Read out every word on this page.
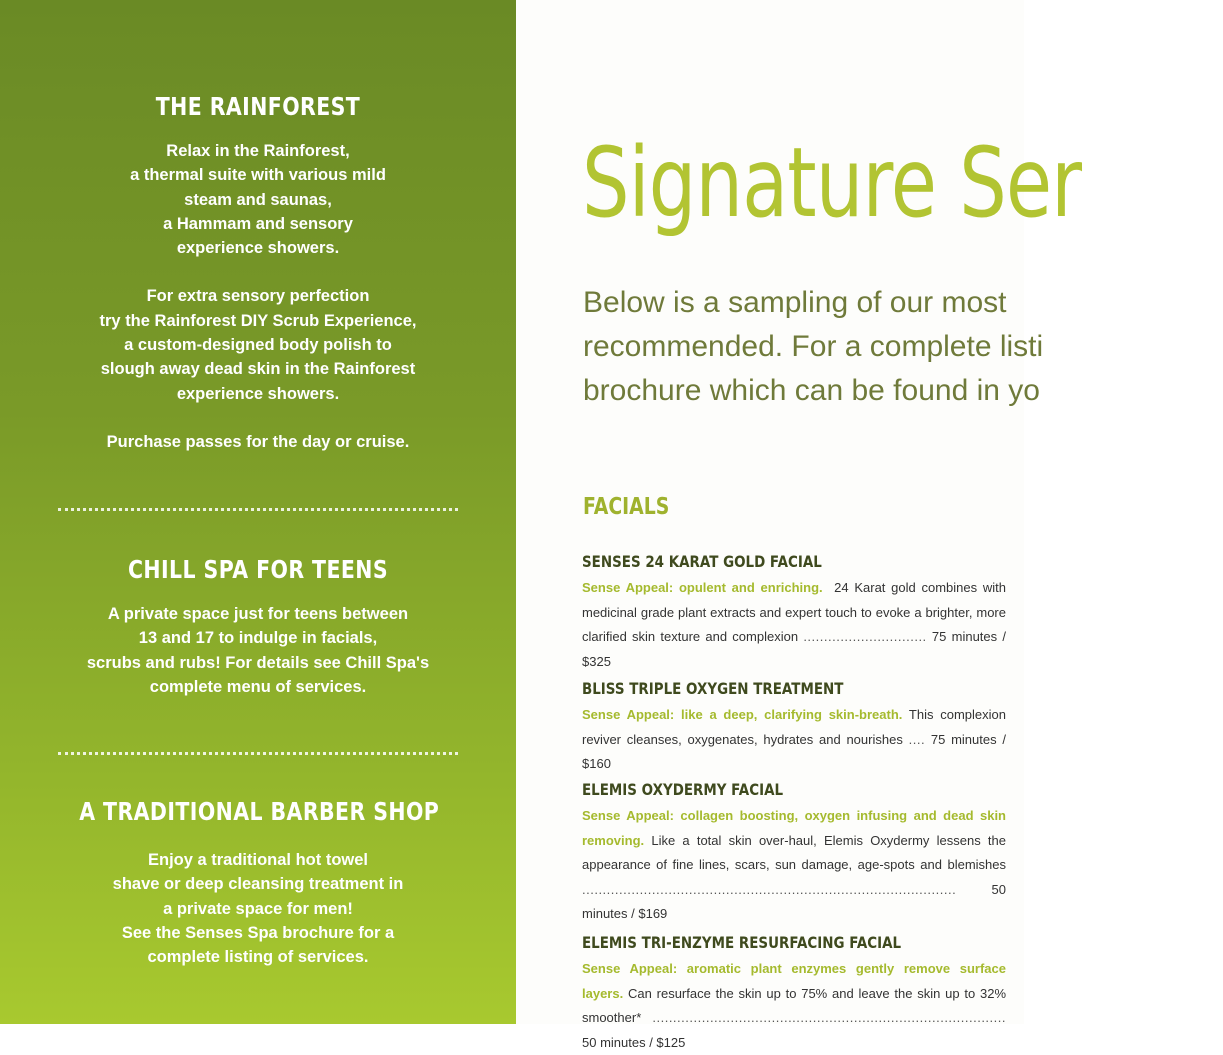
THE RAINFOREST

Relax in the Rainforest,
a thermal suite with various mild
steam and saunas,
a Hammam and sensory
experience showers.

For extra sensory perfection
try the Rainforest DIY Scrub Experience,
a custom-designed body polish to
slough away dead skin in the Rainforest
experience showers.

Purchase passes for the day or cruise.

CHILL SPA FOR TEENS

A private space just for teens between
13 and 17 to indulge in facials,
scrubs and rubs! For details see Chill Spa's
complete menu of services.

A TRADITIONAL BARBER SHOP

Enjoy a traditional hot towel
shave or deep cleansing treatment in
a private space for men!
See the Senses Spa brochure for a
complete listing of services.

Signature Ser

Below is a sampling of our most
recommended. For a complete listi
brochure which can be found in yo

FACIALS
SENSES 24 KARAT GOLD FACIAL

Sense Appeal: opulent and enriching. 24 Karat gold combines with medicinal grade plant extracts and expert touch to evoke a brighter, more clarified skin texture and complexion .............................. 75 minutes / $325

BLISS TRIPLE OXYGEN TREATMENT

Sense Appeal: like a deep, clarifying skin-breath. This complexion reviver cleanses, oxygenates, hydrates and nourishes .... 75 minutes / $160

ELEMIS OXYDERMY FACIAL

Sense Appeal: collagen boosting, oxygen infusing and dead skin removing. Like a total skin over-haul, Elemis Oxydermy lessens the appearance of fine lines, scars, sun damage, age-spots and blemishes ...........................................................................................	50 minutes / $169

ELEMIS TRI-ENZYME RESURFACING FACIAL

Sense Appeal: aromatic plant enzymes gently remove surface layers. Can resurface the skin up to 75% and leave the skin up to 32% smoother* ...................................................................................... 50 minutes / $125
